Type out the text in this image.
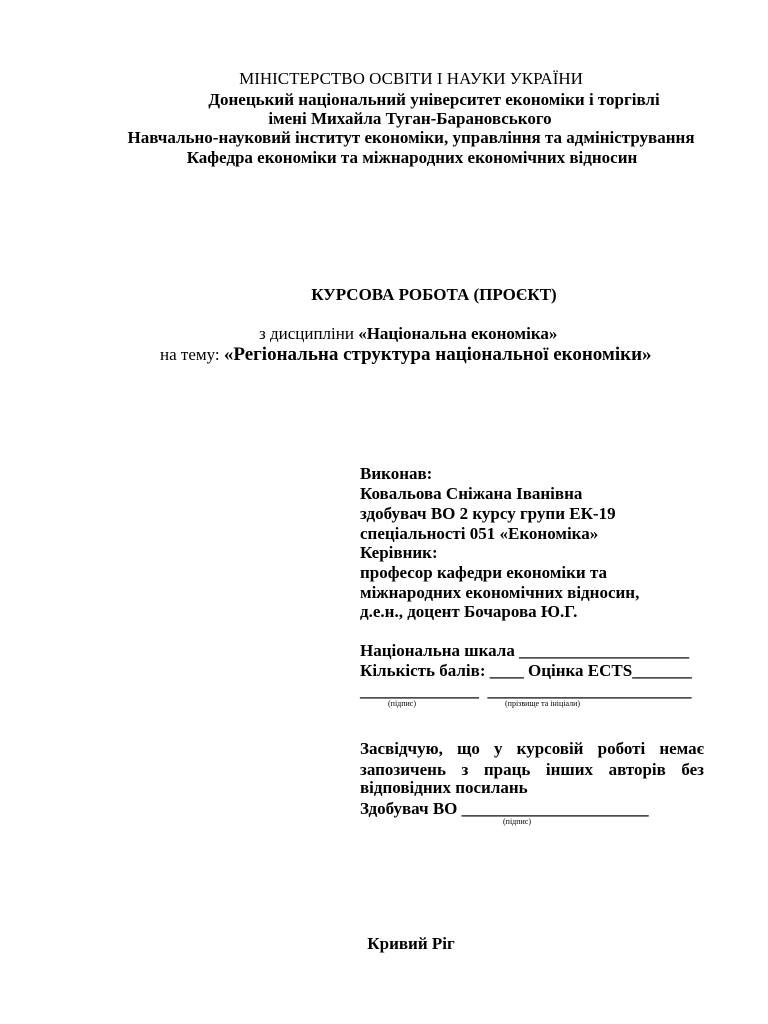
МІНІСТЕРСТВО ОСВІТИ І НАУКИ УКРАЇНИ
Донецький національний університет економіки і торгівлі
імені Михайла Туган-Барановського
Навчально-науковий інститут економіки, управління та адміністрування
Кафедра економіки та міжнародних економічних відносин
КУРСОВА РОБОТА (ПРОЄКТ)
з дисципліни «Національна економіка»
на тему: «Регіональна структура національної економіки»
Виконав:
Ковальова Сніжана Іванівна
здобувач ВО 2 курсу групи ЕК-19
спеціальності 051 «Економіка»
Керівник:
професор кафедри економіки та
міжнародних економічних відносин,
д.е.н., доцент Бочарова Ю.Г.
Національна шкала ____________________
Кількість балів: ____ Оцінка ECTS_______
______________  ________________________
(підпис)	(прізвище та ініціали)
Засвідчую, що у курсовій роботі немає
запозичень з праць інших авторів без
відповідних посилань
Здобувач ВО ______________________
(підпис)
Кривий Ріг
